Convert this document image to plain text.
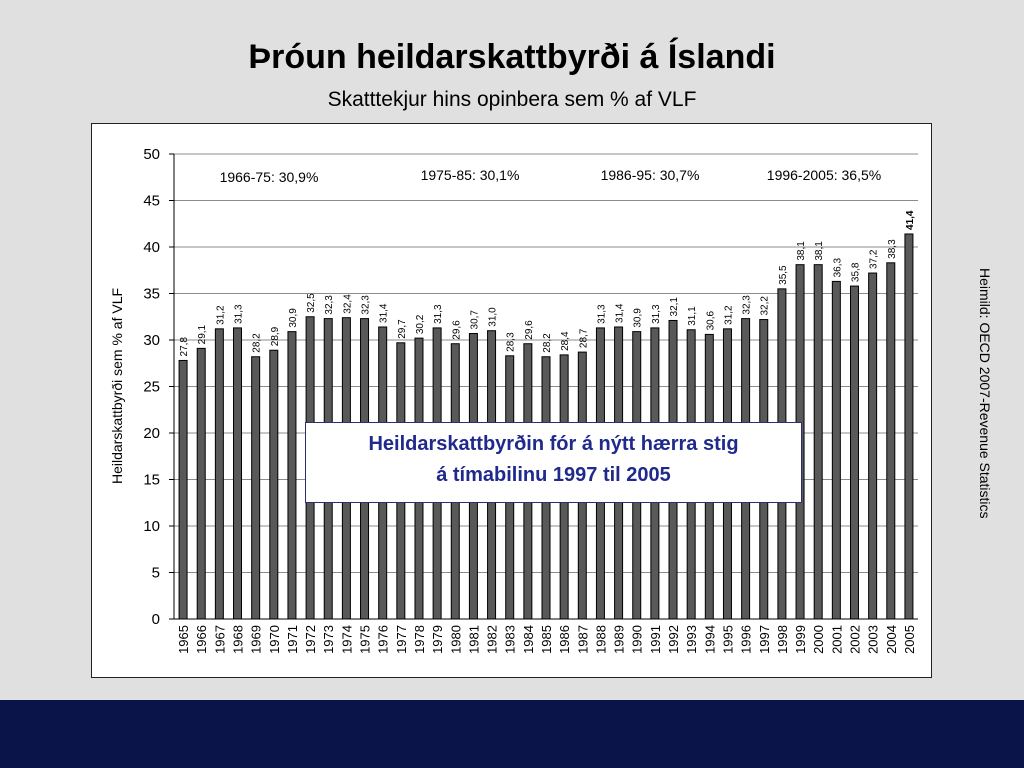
Þróun heildarskattbyrði á Íslandi
Skatttekjur hins opinbera sem % af VLF
0
5
10
15
20
25
30
35
40
45
50
27,8
1965
29,1
1966
31,2
1967
31,3
1968
28,2
1969
28,9
1970
30,9
1971
32,5
1972
32,3
1973
32,4
1974
32,3
1975
31,4
1976
29,7
1977
30,2
1978
31,3
1979
29,6
1980
30,7
1981
31,0
1982
28,3
1983
29,6
1984
28,2
1985
28,4
1986
28,7
1987
31,3
1988
31,4
1989
30,9
1990
31,3
1991
32,1
1992
31,1
1993
30,6
1994
31,2
1995
32,3
1996
32,2
1997
35,5
1998
38,1
1999
38,1
2000
36,3
2001
35,8
2002
37,2
2003
38,3
2004
41,4
2005
Heildarskattbyrði sem % af VLF
1966-75: 30,9%	1975-85: 30,1%	1986-95: 30,7%	1996-2005: 36,5%
Heildarskattbyrðin fór á nýtt hærra stig
á tímabilinu 1997 til 2005	Heimild: OECD 2007-Revenue Statistics
